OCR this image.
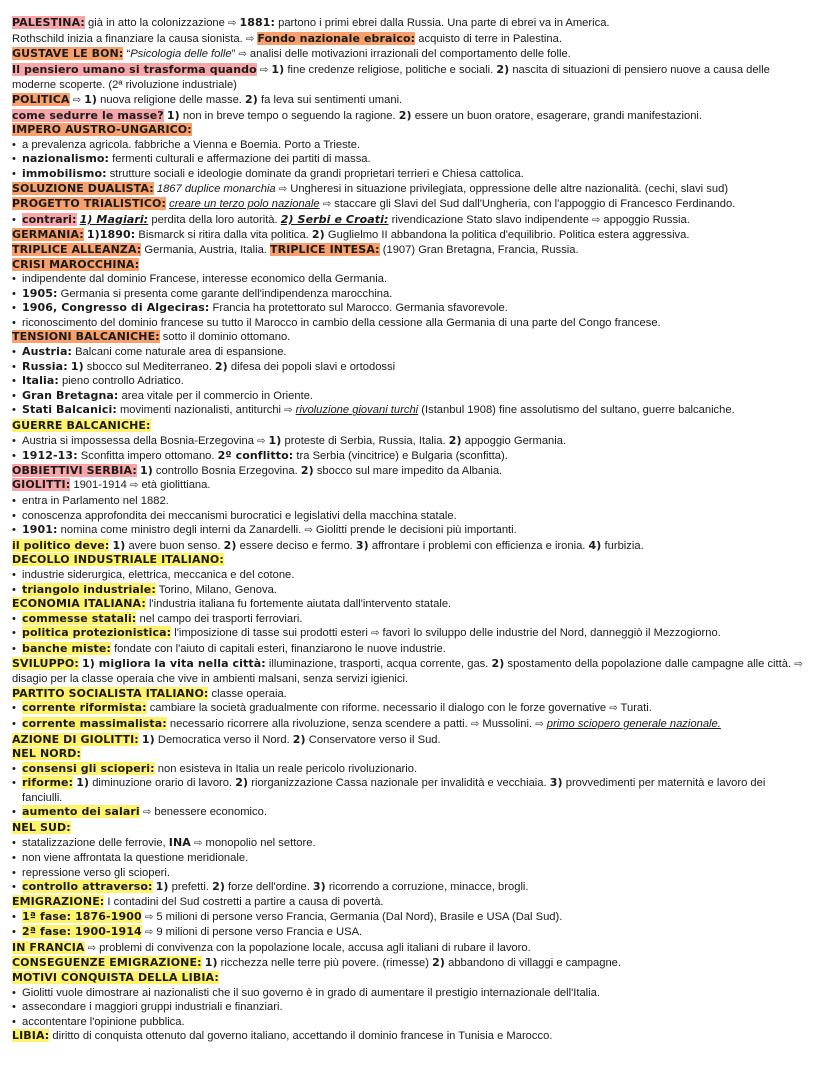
PALESTINA: già in atto la colonizzazione ⇨ 1881: partono i primi ebrei dalla Russia. Una parte di ebrei va in America.
Rothschild inizia a finanziare la causa sionista. ⇨ Fondo nazionale ebraico: acquisto di terre in Palestina.
GUSTAVE LE BON: “Psicologia delle folle” ⇨ analisi delle motivazioni irrazionali del comportamento delle folle.
Il pensiero umano si trasforma quando ⇨ 1) fine credenze religiose, politiche e sociali. 2) nascita di situazioni di pensiero nuove a causa delle moderne scoperte. (2ª rivoluzione industriale)
POLITICA ⇨ 1) nuova religione delle masse. 2) fa leva sui sentimenti umani.
come sedurre le masse? 1) non in breve tempo o seguendo la ragione. 2) essere un buon oratore, esagerare, grandi manifestazioni.
IMPERO AUSTRO-UNGARICO:
• a prevalenza agricola. fabbriche a Vienna e Boemia. Porto a Trieste.
• nazionalismo: fermenti culturali e affermazione dei partiti di massa.
• immobilismo: strutture sociali e ideologie dominate da grandi proprietari terrieri e Chiesa cattolica.
SOLUZIONE DUALISTA: 1867 duplice monarchia ⇨ Ungheresi in situazione privilegiata, oppressione delle altre nazionalità. (cechi, slavi sud)
PROGETTO TRIALISTICO: creare un terzo polo nazionale ⇨ staccare gli Slavi del Sud dall'Ungheria, con l'appoggio di Francesco Ferdinando.
• contrari: 1) Magiari: perdita della loro autorità. 2) Serbi e Croati: rivendicazione Stato slavo indipendente ⇨ appoggio Russia.
GERMANIA: 1)1890: Bismarck si ritira dalla vita politica. 2) Guglielmo II abbandona la politica d'equilibrio. Politica estera aggressiva.
TRIPLICE ALLEANZA: Germania, Austria, Italia. TRIPLICE INTESA: (1907) Gran Bretagna, Francia, Russia.
CRISI MAROCCHINA:
• indipendente dal dominio Francese, interesse economico della Germania.
• 1905: Germania si presenta come garante dell'indipendenza marocchina.
• 1906, Congresso di Algeciras: Francia ha protettorato sul Marocco. Germania sfavorevole.
• riconoscimento del dominio francese su tutto il Marocco in cambio della cessione alla Germania di una parte del Congo francese.
TENSIONI BALCANICHE: sotto il dominio ottomano.
• Austria: Balcani come naturale area di espansione.
• Russia: 1) sbocco sul Mediterraneo. 2) difesa dei popoli slavi e ortodossi
• Italia: pieno controllo Adriatico.
• Gran Bretagna: area vitale per il commercio in Oriente.
• Stati Balcanici: movimenti nazionalisti, antiturchi ⇨ rivoluzione giovani turchi (Istanbul 1908) fine assolutismo del sultano, guerre balcaniche.
GUERRE BALCANICHE:
• Austria si impossessa della Bosnia-Erzegovina ⇨ 1) proteste di Serbia, Russia, Italia. 2) appoggio Germania.
• 1912-13: Sconfitta impero ottomano. 2º conflitto: tra Serbia (vincitrice) e Bulgaria (sconfitta).
OBBIETTIVI SERBIA: 1) controllo Bosnia Erzegovina. 2) sbocco sul mare impedito da Albania.
GIOLITTI: 1901-1914 ⇨ età giolittiana.
• entra in Parlamento nel 1882.
• conoscenza approfondita dei meccanismi burocratici e legislativi della macchina statale.
• 1901: nomina come ministro degli interni da Zanardelli. ⇨ Giolitti prende le decisioni più importanti.
il politico deve: 1) avere buon senso. 2) essere deciso e fermo. 3) affrontare i problemi con efficienza e ironia. 4) furbizia.
DECOLLO INDUSTRIALE ITALIANO:
• industrie siderurgica, elettrica, meccanica e del cotone.
• triangolo industriale: Torino, Milano, Genova.
ECONOMIA ITALIANA: l'industria italiana fu fortemente aiutata dall'intervento statale.
• commesse statali: nel campo dei trasporti ferroviari.
• politica protezionistica: l'imposizione di tasse sui prodotti esteri ⇨ favorì lo sviluppo delle industrie del Nord, danneggiò il Mezzogiorno.
• banche miste: fondate con l'aiuto di capitali esteri, finanziarono le nuove industrie.
SVILUPPO: 1) migliora la vita nella città: illuminazione, trasporti, acqua corrente, gas. 2) spostamento della popolazione dalle campagne alle città. ⇨ disagio per la classe operaia che vive in ambienti malsani, senza servizi igienici.
PARTITO SOCIALISTA ITALIANO: classe operaia.
• corrente riformista: cambiare la società gradualmente con riforme. necessario il dialogo con le forze governative ⇨ Turati.
• corrente massimalista: necessario ricorrere alla rivoluzione, senza scendere a patti. ⇨ Mussolini. ⇨ primo sciopero generale nazionale.
AZIONE DI GIOLITTI: 1) Democratica verso il Nord. 2) Conservatore verso il Sud.
NEL NORD:
• consensi gli scioperi: non esisteva in Italia un reale pericolo rivoluzionario.
• riforme: 1) diminuzione orario di lavoro. 2) riorganizzazione Cassa nazionale per invalidità e vecchiaia. 3) provvedimenti per maternità e lavoro dei fanciulli.
• aumento dei salari ⇨ benessere economico.
NEL SUD:
• statalizzazione delle ferrovie, INA ⇨ monopolio nel settore.
• non viene affrontata la questione meridionale.
• repressione verso gli scioperi.
• controllo attraverso: 1) prefetti. 2) forze dell'ordine. 3) ricorrendo a corruzione, minacce, brogli.
EMIGRAZIONE: I contadini del Sud costretti a partire a causa di povertà.
• 1ª fase: 1876-1900 ⇨ 5 milioni di persone verso Francia, Germania (Dal Nord), Brasile e USA (Dal Sud).
• 2ª fase: 1900-1914 ⇨ 9 milioni di persone verso Francia e USA.
IN FRANCIA ⇨ problemi di convivenza con la popolazione locale, accusa agli italiani di rubare il lavoro.
CONSEGUENZE EMIGRAZIONE: 1) ricchezza nelle terre più povere. (rimesse) 2) abbandono di villaggi e campagne.
MOTIVI CONQUISTA DELLA LIBIA:
• Giolitti vuole dimostrare ai nazionalisti che il suo governo è in grado di aumentare il prestigio internazionale dell'Italia.
• assecondare i maggiori gruppi industriali e finanziari.
• accontentare l'opinione pubblica.
LIBIA: diritto di conquista ottenuto dal governo italiano, accettando il dominio francese in Tunisia e Marocco.
